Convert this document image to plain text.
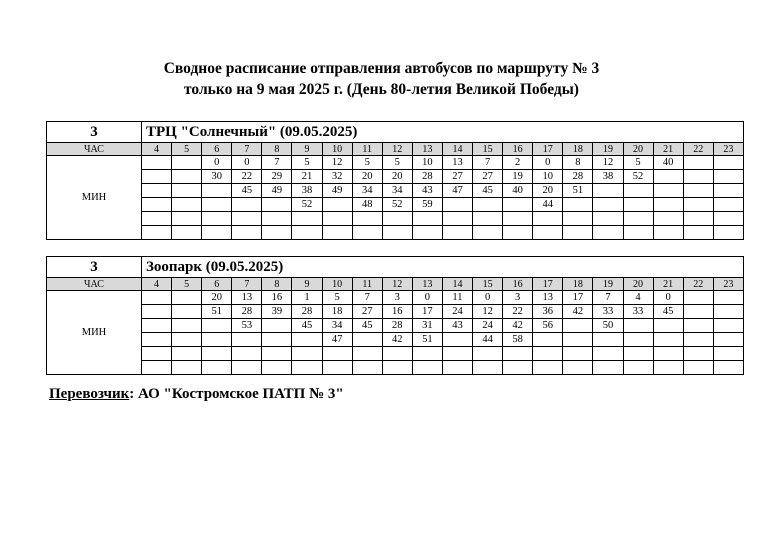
Сводное расписание отправления автобусов по маршруту № 3
только на 9 мая 2025 г. (День 80-летия Великой Победы)
3	ТРЦ "Солнечный" (09.05.2025)																			
ЧАС	4	5	6	7	8	9	10	11	12	13	14	15	16	17	18	19	20	21	22	23
МИН			0	0	7	5	12	5	5	10	13	7	2	0	8	12	5	40		
			30	22	29	21	32	20	20	28	27	27	19	10	28	38	52			
				45	49	38	49	34	34	43	47	45	40	20	51					
						52		48	52	59				44						

3	Зоопарк (09.05.2025)																			
ЧАС	4	5	6	7	8	9	10	11	12	13	14	15	16	17	18	19	20	21	22	23
МИН			20	13	16	1	5	7	3	0	11	0	3	13	17	7	4	0		
			51	28	39	28	18	27	16	17	24	12	22	36	42	33	33	45		
				53		45	34	45	28	31	43	24	42	56		50				
							47		42	51		44	58							

Перевозчик: АО "Костромское ПАТП № 3"
